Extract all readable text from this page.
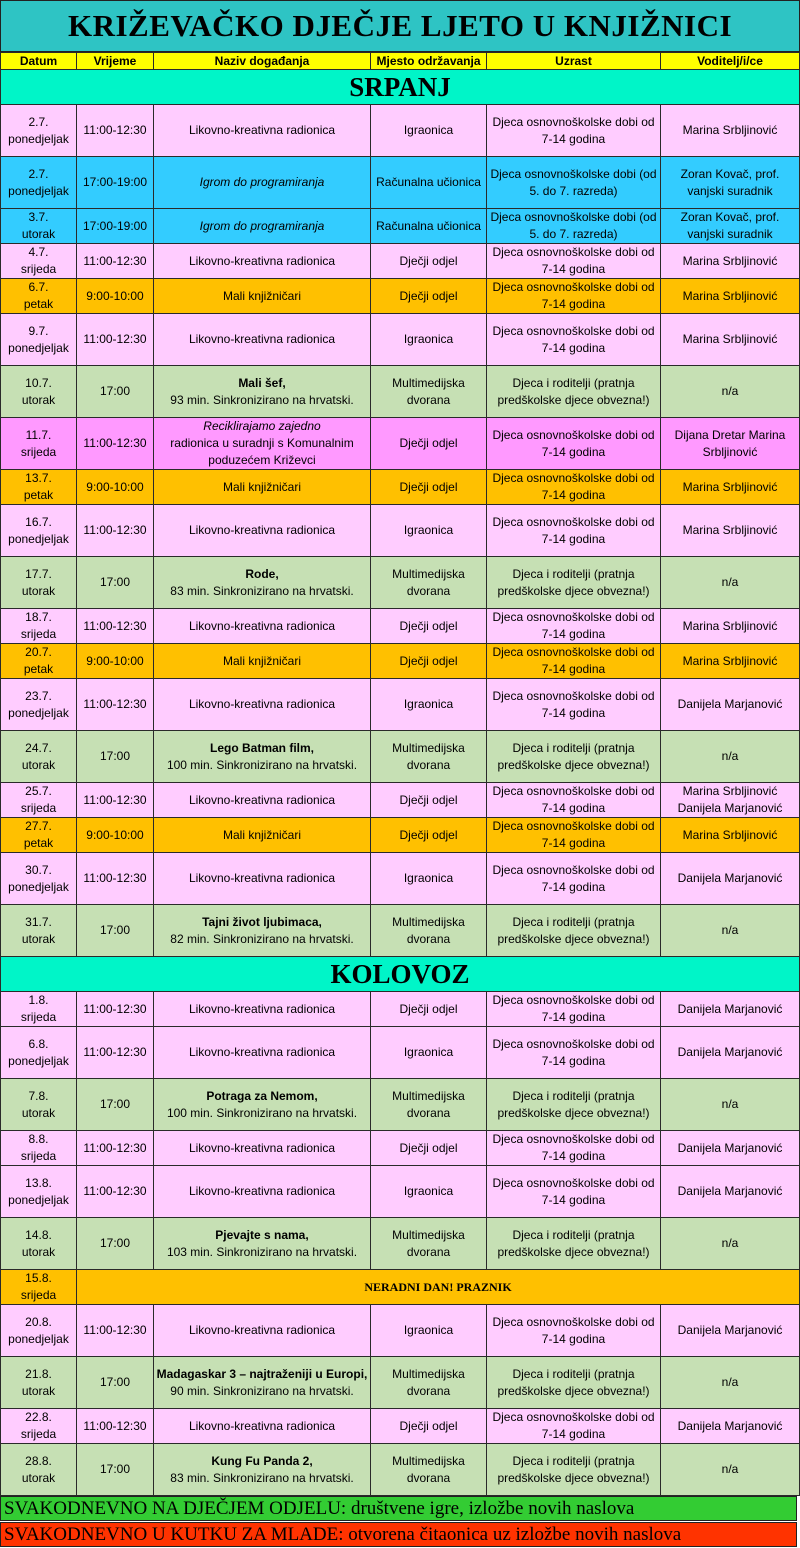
KRIŽEVAČKO DJEČJE LJETO U KNJIŽNICI
Datum	Vrijeme	Naziv događanja	Mjesto održavanja	Uzrast	Voditelj/i/ce
SRPANJ					
2.7.
ponedjeljak	11:00-12:30	Likovno-kreativna radionica	Igraonica	Djeca osnovnoškolske dobi od 7-14 godina	Marina Srbljinović
2.7.
ponedjeljak	17:00-19:00	Igrom do programiranja	Računalna učionica	Djeca osnovnoškolske dobi (od 5. do 7. razreda)	Zoran Kovač, prof. vanjski suradnik
3.7.
utorak	17:00-19:00	Igrom do programiranja	Računalna učionica	Djeca osnovnoškolske dobi (od 5. do 7. razreda)	Zoran Kovač, prof. vanjski suradnik
4.7.
srijeda	11:00-12:30	Likovno-kreativna radionica	Dječji odjel	Djeca osnovnoškolske dobi od 7-14 godina	Marina Srbljinović
6.7.
petak	9:00-10:00	Mali knjižničari	Dječji odjel	Djeca osnovnoškolske dobi od 7-14 godina	Marina Srbljinović
9.7.
ponedjeljak	11:00-12:30	Likovno-kreativna radionica	Igraonica	Djeca osnovnoškolske dobi od 7-14 godina	Marina Srbljinović
10.7.
utorak	17:00	Mali šef,
93 min. Sinkronizirano na hrvatski.	Multimedijska dvorana	Djeca i roditelji (pratnja predškolske djece obvezna!)	n/a
11.7.
srijeda	11:00-12:30	Reciklirajamo zajedno
radionica u suradnji s Komunalnim poduzećem Križevci	Dječji odjel	Djeca osnovnoškolske dobi od 7-14 godina	Dijana Dretar Marina Srbljinović
13.7.
petak	9:00-10:00	Mali knjižničari	Dječji odjel	Djeca osnovnoškolske dobi od 7-14 godina	Marina Srbljinović
16.7.
ponedjeljak	11:00-12:30	Likovno-kreativna radionica	Igraonica	Djeca osnovnoškolske dobi od 7-14 godina	Marina Srbljinović
17.7.
utorak	17:00	Rode,
83 min. Sinkronizirano na hrvatski.	Multimedijska dvorana	Djeca i roditelji (pratnja predškolske djece obvezna!)	n/a
18.7.
srijeda	11:00-12:30	Likovno-kreativna radionica	Dječji odjel	Djeca osnovnoškolske dobi od 7-14 godina	Marina Srbljinović
20.7.
petak	9:00-10:00	Mali knjižničari	Dječji odjel	Djeca osnovnoškolske dobi od 7-14 godina	Marina Srbljinović
23.7.
ponedjeljak	11:00-12:30	Likovno-kreativna radionica	Igraonica	Djeca osnovnoškolske dobi od 7-14 godina	Danijela Marjanović
24.7.
utorak	17:00	Lego Batman film,
100 min. Sinkronizirano na hrvatski.	Multimedijska dvorana	Djeca i roditelji (pratnja predškolske djece obvezna!)	n/a
25.7.
srijeda	11:00-12:30	Likovno-kreativna radionica	Dječji odjel	Djeca osnovnoškolske dobi od 7-14 godina	Marina Srbljinović Danijela Marjanović
27.7.
petak	9:00-10:00	Mali knjižničari	Dječji odjel	Djeca osnovnoškolske dobi od 7-14 godina	Marina Srbljinović
30.7.
ponedjeljak	11:00-12:30	Likovno-kreativna radionica	Igraonica	Djeca osnovnoškolske dobi od 7-14 godina	Danijela Marjanović
31.7.
utorak	17:00	Tajni život ljubimaca,
82 min. Sinkronizirano na hrvatski.	Multimedijska dvorana	Djeca i roditelji (pratnja predškolske djece obvezna!)	n/a
KOLOVOZ					
1.8.
srijeda	11:00-12:30	Likovno-kreativna radionica	Dječji odjel	Djeca osnovnoškolske dobi od 7-14 godina	Danijela Marjanović
6.8.
ponedjeljak	11:00-12:30	Likovno-kreativna radionica	Igraonica	Djeca osnovnoškolske dobi od 7-14 godina	Danijela Marjanović
7.8.
utorak	17:00	Potraga za Nemom,
100 min. Sinkronizirano na hrvatski.	Multimedijska dvorana	Djeca i roditelji (pratnja predškolske djece obvezna!)	n/a
8.8.
srijeda	11:00-12:30	Likovno-kreativna radionica	Dječji odjel	Djeca osnovnoškolske dobi od 7-14 godina	Danijela Marjanović
13.8.
ponedjeljak	11:00-12:30	Likovno-kreativna radionica	Igraonica	Djeca osnovnoškolske dobi od 7-14 godina	Danijela Marjanović
14.8.
utorak	17:00	Pjevajte s nama,
103 min. Sinkronizirano na hrvatski.	Multimedijska dvorana	Djeca i roditelji (pratnja predškolske djece obvezna!)	n/a
15.8.
srijeda	NERADNI DAN! PRAZNIK				
20.8.
ponedjeljak	11:00-12:30	Likovno-kreativna radionica	Igraonica	Djeca osnovnoškolske dobi od 7-14 godina	Danijela Marjanović
21.8.
utorak	17:00	Madagaskar 3 – najtraženiji u Europi,
90 min. Sinkronizirano na hrvatski.	Multimedijska dvorana	Djeca i roditelji (pratnja predškolske djece obvezna!)	n/a
22.8.
srijeda	11:00-12:30	Likovno-kreativna radionica	Dječji odjel	Djeca osnovnoškolske dobi od 7-14 godina	Danijela Marjanović
28.8.
utorak	17:00	Kung Fu Panda 2,
83 min. Sinkronizirano na hrvatski.	Multimedijska dvorana	Djeca i roditelji (pratnja predškolske djece obvezna!)	n/a
SVAKODNEVNO NA DJEČJEM ODJELU: društvene igre, izložbe novih naslova
SVAKODNEVNO U KUTKU ZA MLADE: otvorena čitaonica uz izložbe novih naslova
